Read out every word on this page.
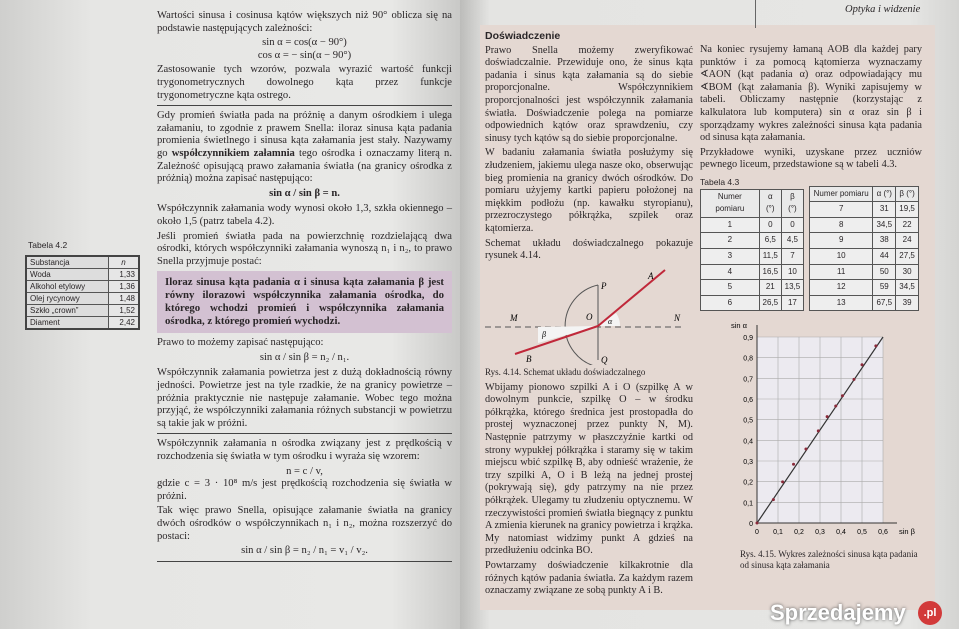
Wartości sinusa i cosinusa kątów większych niż 90° oblicza się na podstawie następujących zależności:

sin α = cos(α − 90°)
cos α = − sin(α − 90°)

Zastosowanie tych wzorów, pozwala wyrazić wartość funkcji trygonometrycznych dowolnego kąta przez funkcje trygonometryczne kąta ostrego.

Gdy promień światła pada na próżnię a danym ośrodkiem i ulega załamaniu, to zgodnie z prawem Snella: iloraz sinusa kąta padania promienia świetlnego i sinusa kąta załamania jest stały. Nazywamy go współczynnikiem załamnia tego ośrodka i oznaczamy literą n. Zależność opisującą prawo załamania światła (na granicy ośrodka z próżnią) można zapisać następująco:

sin α / sin β = n.

Współczynnik załamania wody wynosi około 1,3, szkła okiennego – około 1,5 (patrz tabela 4.2).

Jeśli promień światła pada na powierzchnię rozdzielającą dwa ośrodki, których współczynniki załamania wynoszą n₁ i n₂, to prawo Snella przyjmuje postać:

Iloraz sinusa kąta padania α i sinusa kąta załamania β jest równy ilorazowi współczynnika załamania ośrodka, do którego wchodzi promień i współczynnika załamania ośrodka, z którego promień wychodzi.

Prawo to możemy zapisać następująco:

sin α / sin β = n₂ / n₁.

Współczynnik załamania powietrza jest z dużą dokładnością równy jedności. Powietrze jest na tyle rzadkie, że na granicy powietrze – próżnia praktycznie nie następuje załamanie. Wobec tego można przyjąć, że współczynniki załamania różnych substancji w powietrzu są takie jak w próżni.

Współczynnik załamania n ośrodka związany jest z prędkością v rozchodzenia się światła w tym ośrodku i wyraża się wzorem:

n = c / v,

gdzie c = 3 · 10⁸ m/s jest prędkością rozchodzenia się światła w próżni.

Tak więc prawo Snella, opisujące załamanie światła na granicy dwóch ośrodków o współczynnikach n₁ i n₂, można rozszerzyć do postaci:

sin α / sin β = n₂ / n₁ = v₁ / v₂.
Tabela 4.2
Substancja	n
Woda	1,33
Alkohol etylowy	1,36
Olej rycynowy	1,48
Szkło „crown”	1,52
Diament	2,42
Optyka i widzenie
Doświadczenie

Prawo Snella możemy zweryfikować doświadczalnie. Przewiduje ono, że sinus kąta padania i sinus kąta załamania są do siebie proporcjonalne. Współczynnikiem proporcjonalności jest współczynnik załamania światła. Doświadczenie polega na pomiarze odpowiednich kątów oraz sprawdzeniu, czy sinusy tych kątów są do siebie proporcjonalne.

W badaniu załamania światła posłużymy się złudzeniem, jakiemu ulega nasze oko, obserwując bieg promienia na granicy dwóch ośrodków. Do pomiaru użyjemy kartki papieru położonej na miękkim podłożu (np. kawałku styropianu), przezroczystego półkrążka, szpilek oraz kątomierza.

Schemat układu doświadczalnego pokazuje rysunek 4.14.

A
B
O
P
Q
M	N
α
β
Rys. 4.14. Schemat układu doświadczalnego

Wbijamy pionowo szpilki A i O (szpilkę A w dowolnym punkcie, szpilkę O – w środku półkrążka, którego średnica jest prostopadła do prostej wyznaczonej przez punkty N, M). Następnie patrzymy w płaszczyźnie kartki od strony wypukłej półkrążka i staramy się w takim miejscu wbić szpilkę B, aby odnieść wrażenie, że trzy szpilki A, O i B leżą na jednej prostej (pokrywają się), gdy patrzymy na nie przez półkrążek. Ulegamy tu złudzeniu optycznemu. W rzeczywistości promień światła biegnący z punktu A zmienia kierunek na granicy powietrza i krążka. My natomiast widzimy punkt A gdzieś na przedłużeniu odcinka BO.

Powtarzamy doświadczenie kilkakrotnie dla różnych kątów padania światła. Za każdym razem oznaczamy związane ze sobą punkty A i B.

Na koniec rysujemy łamaną AOB dla każdej pary punktów i za pomocą kątomierza wyznaczamy ∢AON (kąt padania α) oraz odpowiadający mu ∢BOM (kąt załamania β). Wyniki zapisujemy w tabeli. Obliczamy następnie (korzystając z kalkulatora lub komputera) sin α oraz sin β i sporządzamy wykres zależności sinusa kąta padania od sinusa kąta załamania.

Przykładowe wyniki, uzyskane przez uczniów pewnego liceum, przedstawione są w tabeli 4.3.

Tabela 4.3
Numer pomiaru	α (°)	β (°)
1	0	0
2	6,5	4,5
3	11,5	7
4	16,5	10
5	21	13,5
6	26,5	17
Numer pomiaru	α (°)	β (°)
7	31	19,5
8	34,5	22
9	38	24
10	44	27,5
11	50	30
12	59	34,5
13	67,5	39
0 0,1 0,2 0,3 0,4 0,5 0,6
0
0,1
0,2
0,3
0,4
0,5
0,6
0,7
0,8
0,9
sin β
sin α
Rys. 4.15. Wykres zależności sinusa kąta padania od sinusa kąta załamania
Sprzedajemy	.pl
